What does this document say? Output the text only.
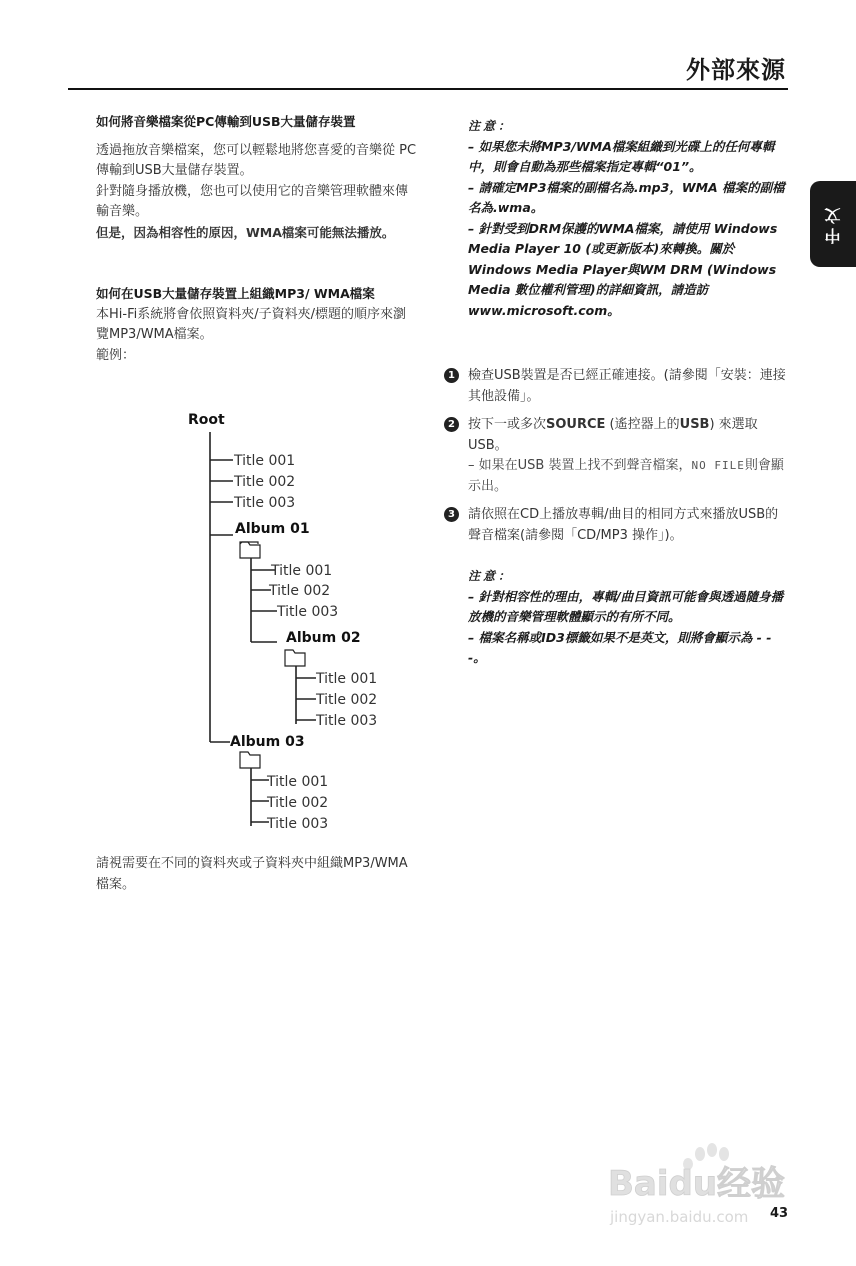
外部來源
中文
如何將音樂檔案從PC傳輸到USB大量儲存裝置

透過拖放音樂檔案，您可以輕鬆地將您喜愛的音樂從 PC 傳輸到USB大量儲存裝置。

針對隨身播放機，您也可以使用它的音樂管理軟體來傳輸音樂。

但是，因為相容性的原因，WMA檔案可能無法播放。

如何在USB大量儲存裝置上組織MP3/ WMA檔案

本Hi-Fi系統將會依照資料夾/子資料夾/標題的順序來瀏覽MP3/WMA檔案。

範例：

Root
Title 001
Title 002
Title 003
Album 01
Title 001
Title 002
Title 003
Album 02
Title 001
Title 002
Title 003
Album 03
Title 001
Title 002
Title 003

請視需要在不同的資料夾或子資料夾中組織MP3/WMA檔案。

注意：
– 如果您未將MP3/WMA檔案組織到光碟上的任何專輯中，則會自動為那些檔案指定專輯“01”。
– 請確定MP3檔案的副檔名為.mp3，WMA 檔案的副檔名為.wma。
– 針對受到DRM保護的WMA檔案，請使用 Windows Media Player 10 (或更新版本)來轉換。關於Windows Media Player與WM DRM (Windows Media 數位權利管理)的詳細資訊，請造訪www.microsoft.com。
1	檢查USB裝置是否已經正確連接。(請參閱「安裝：連接其他設備」。
2	按下一或多次SOURCE (遙控器上的USB) 來選取USB。
– 如果在USB 裝置上找不到聲音檔案，NO FILE則會顯示出。
3	請依照在CD上播放專輯/曲目的相同方式來播放USB的聲音檔案(請參閱「CD/MP3 操作」)。
注意：
– 針對相容性的理由，專輯/曲目資訊可能會與透過隨身播放機的音樂管理軟體顯示的有所不同。
– 檔案名稱或ID3標籤如果不是英文，則將會顯示為 - - -。
Baidu经验
jingyan.baidu.com 43
